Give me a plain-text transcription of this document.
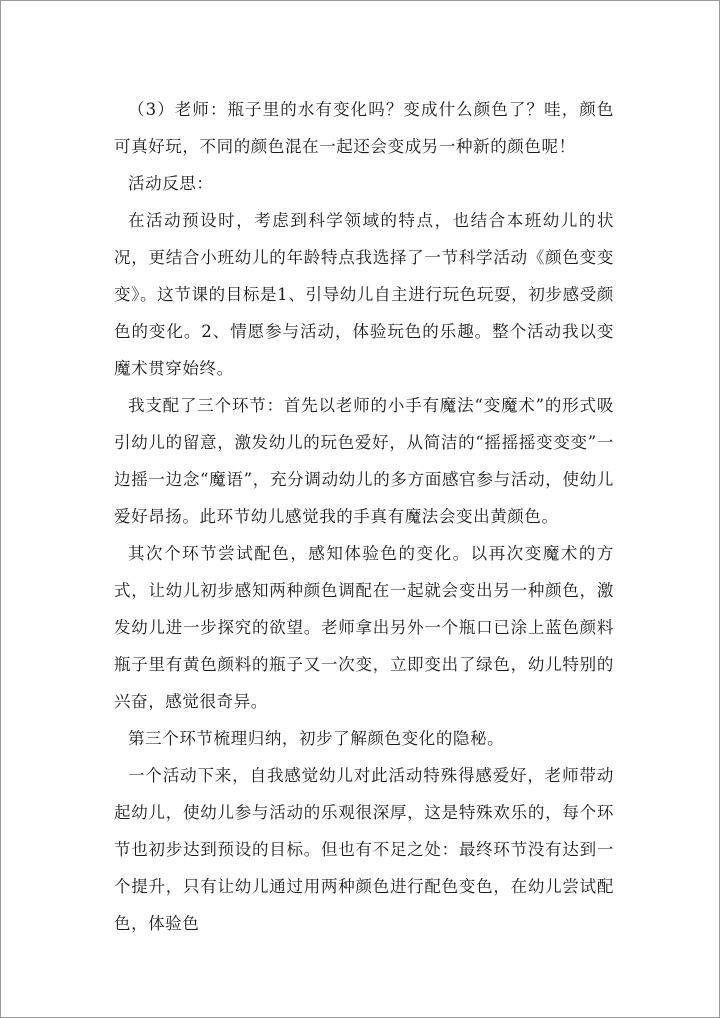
（3）老师：瓶子里的水有变化吗？变成什么颜色了？哇，颜色可真好玩，不同的颜色混在一起还会变成另一种新的颜色呢！

活动反思：

在活动预设时，考虑到科学领域的特点，也结合本班幼儿的状况，更结合小班幼儿的年龄特点我选择了一节科学活动《颜色变变变》。这节课的目标是1、引导幼儿自主进行玩色玩耍，初步感受颜色的变化。2、情愿参与活动，体验玩色的乐趣。整个活动我以变魔术贯穿始终。

我支配了三个环节：首先以老师的小手有魔法“变魔术”的形式吸引幼儿的留意，激发幼儿的玩色爱好，从简洁的“摇摇摇变变变”一边摇一边念“魔语”，充分调动幼儿的多方面感官参与活动，使幼儿爱好昂扬。此环节幼儿感觉我的手真有魔法会变出黄颜色。

其次个环节尝试配色，感知体验色的变化。以再次变魔术的方式，让幼儿初步感知两种颜色调配在一起就会变出另一种颜色，激发幼儿进一步探究的欲望。老师拿出另外一个瓶口已涂上蓝色颜料瓶子里有黄色颜料的瓶子又一次变，立即变出了绿色，幼儿特别的兴奋，感觉很奇异。

第三个环节梳理归纳，初步了解颜色变化的隐秘。

一个活动下来，自我感觉幼儿对此活动特殊得感爱好，老师带动起幼儿，使幼儿参与活动的乐观很深厚，这是特殊欢乐的，每个环节也初步达到预设的目标。但也有不足之处：最终环节没有达到一个提升，只有让幼儿通过用两种颜色进行配色变色，在幼儿尝试配色，体验色
